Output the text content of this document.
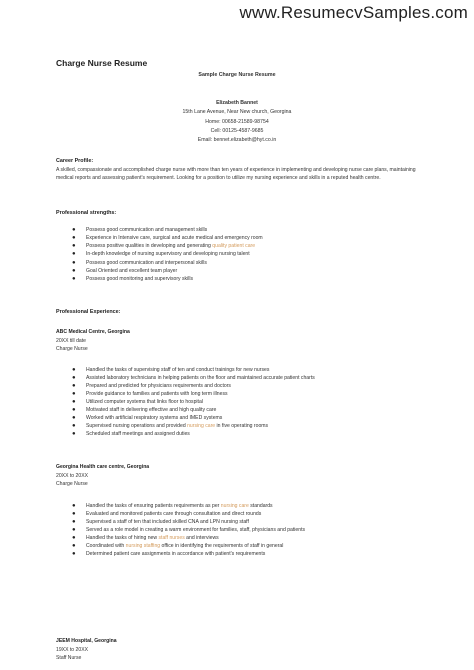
www.ResumecvSamples.com
Charge Nurse Resume
Sample Charge Nurse Resume
Elizabeth Bannet
15th Lane Avenue, Near New church, Georgina
Home: 00658-21589-98754
Cell: 00125-4587-9685
Email: bennet.elizabeth@hyt.co.in
Career Profile:
A skilled, compassionate and accomplished charge nurse with more than ten years of experience in implementing and developing nurse care plans, maintaining medical reports and assessing patient's requirement. Looking for a position to utilize my nursing experience and skills in a reputed health centre.
Professional strengths:
● Possess good communication and management skills
● Experience in Intensive care, surgical and acute medical and emergency room
● Possess positive qualities in developing and generating quality patient care
● In-depth knowledge of nursing supervisory and developing nursing talent
● Possess good communication and interpersonal skills
● Goal Oriented and excellent team player
● Possess good monitoring and supervisory skills
Professional Experience:
ABC Medical Centre, Georgina
20XX till date
Charge Nurse
● Handled the tasks of supervising staff of ten and conduct trainings for new nurses
● Assisted laboratory technicians in helping patients on the floor and maintained accurate patient charts
● Prepared and predicted for physicians requirements and doctors
● Provide guidance to families and patients with long term illness
● Utilized computer systems that links floor to hospital
● Motivated staff in delivering effective and high quality care
● Worked with artificial respiratory systems and IMED systems
● Supervised nursing operations and provided nursing care in five operating rooms
● Scheduled staff meetings and assigned duties
Georgina Health care centre, Georgina
20XX to 20XX
Charge Nurse
● Handled the tasks of ensuring patients requirements as per nursing care standards
● Evaluated and monitored patients care through consultation and direct rounds
● Supervised a staff of ten that included skilled CNA and LPN nursing staff
● Served as a role model in creating a warm environment for families, staff, physicians and patients
● Handled the tasks of hiring new staff nurses and interviews
● Coordinated with nursing staffing office in identifying the requirements of staff in general
● Determined patient care assignments in accordance with patient's requirements
JEEM Hospital, Georgina
19XX to 20XX
Staff Nurse
